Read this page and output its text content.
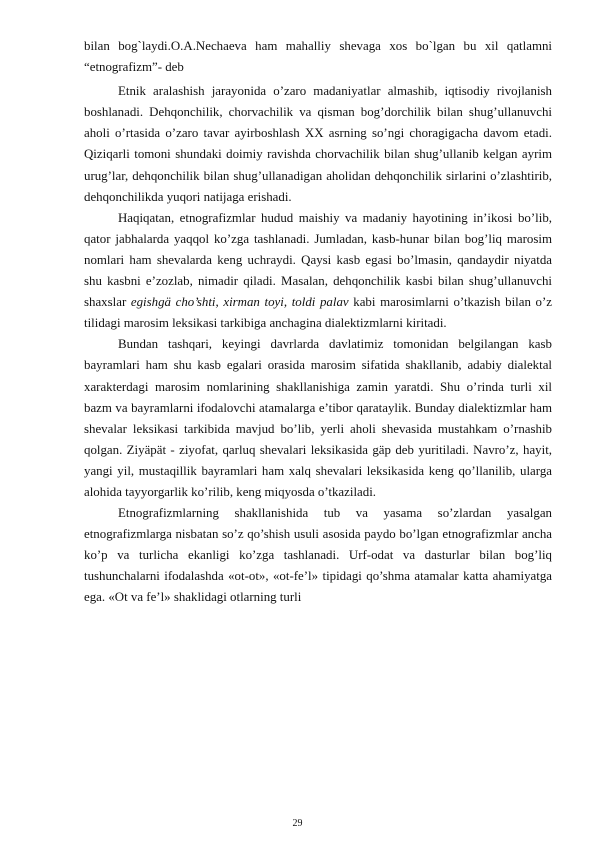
bilan bog`laydi.O.A.Nechaeva ham mahalliy shevaga xos bo`lgan bu xil qatlamni “etnografizm”- deb

Etnik aralashish jarayonida o’zaro madaniyatlar almashib, iqtisodiy rivojlanish boshlanadi. Dehqonchilik, chorvachilik va qisman bog’dorchilik bilan shug’ullanuvchi aholi o’rtasida o’zaro tavar ayirboshlash XX asrning so’ngi choragigacha davom etadi. Qiziqarli tomoni shundaki doimiy ravishda chorvachilik bilan shug’ullanib kelgan ayrim urug’lar, dehqonchilik bilan shug’ullanadigan aholidan dehqonchilik sirlarini o’zlashtirib, dehqonchilikda yuqori natijaga erishadi.

Haqiqatan, etnografizmlar hudud maishiy va madaniy hayotining in’ikosi bo’lib, qator jabhalarda yaqqol ko’zga tashlanadi. Jumladan, kasb-hunar bilan bog’liq marosim nomlari ham shevalarda keng uchraydi. Qaysi kasb egasi bo’lmasin, qandaydir niyatda shu kasbni e’zozlab, nimadir qiladi. Masalan, dehqonchilik kasbi bilan shug’ullanuvchi shaxslar egishgä cho’shti, xirman toyi, toldi palav kabi marosimlarni o’tkazish bilan o’z tilidagi marosim leksikasi tarkibiga anchagina dialektizmlarni kiritadi.

Bundan tashqari, keyingi davrlarda davlatimiz tomonidan belgilangan kasb bayramlari ham shu kasb egalari orasida marosim sifatida shakllanib, adabiy dialektal xarakterdagi marosim nomlarining shakllanishiga zamin yaratdi. Shu o’rinda turli xil bazm va bayramlarni ifodalovchi atamalarga e’tibor qarataylik. Bunday dialektizmlar ham shevalar leksikasi tarkibida mavjud bo’lib, yerli aholi shevasida mustahkam o’rnashib qolgan. Ziyäpät - ziyofat, qarluq shevalari leksikasida gäp deb yuritiladi. Navro’z, hayit, yangi yil, mustaqillik bayramlari ham xalq shevalari leksikasida keng qo’llanilib, ularga alohida tayyorgarlik ko’rilib, keng miqyosda o’tkaziladi.

Etnografizmlarning shakllanishida tub va yasama so’zlardan yasalgan etnografizmlarga nisbatan so’z qo’shish usuli asosida paydo bo’lgan etnografizmlar ancha ko’p va turlicha ekanligi ko’zga tashlanadi. Urf-odat va dasturlar bilan bog’liq tushunchalarni ifodalashda «ot-ot», «ot-fe’l» tipidagi qo’shma atamalar katta ahamiyatga ega. «Ot va fe’l» shaklidagi otlarning turli

29
